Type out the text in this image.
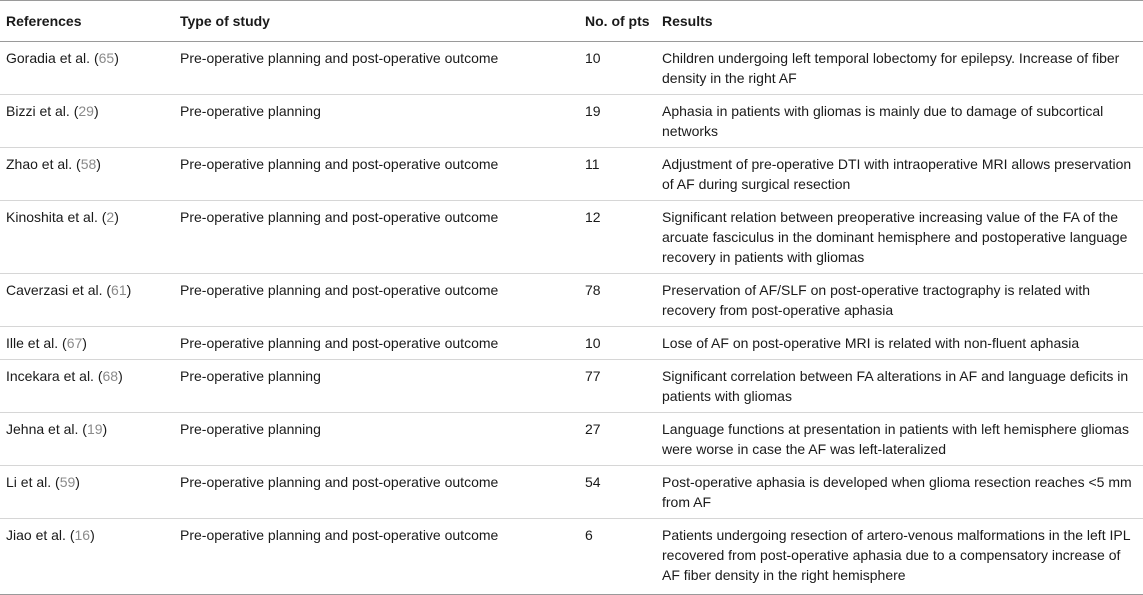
References	Type of study	No. of pts	Results
Goradia et al. (65)	Pre-operative planning and post-operative outcome	10	Children undergoing left temporal lobectomy for epilepsy. Increase of fiber density in the right AF
Bizzi et al. (29)	Pre-operative planning	19	Aphasia in patients with gliomas is mainly due to damage of subcortical networks
Zhao et al. (58)	Pre-operative planning and post-operative outcome	11	Adjustment of pre-operative DTI with intraoperative MRI allows preservation of AF during surgical resection
Kinoshita et al. (2)	Pre-operative planning and post-operative outcome	12	Significant relation between preoperative increasing value of the FA of the arcuate fasciculus in the dominant hemisphere and postoperative language recovery in patients with gliomas
Caverzasi et al. (61)	Pre-operative planning and post-operative outcome	78	Preservation of AF/SLF on post-operative tractography is related with recovery from post-operative aphasia
Ille et al. (67)	Pre-operative planning and post-operative outcome	10	Lose of AF on post-operative MRI is related with non-fluent aphasia
Incekara et al. (68)	Pre-operative planning	77	Significant correlation between FA alterations in AF and language deficits in patients with gliomas
Jehna et al. (19)	Pre-operative planning	27	Language functions at presentation in patients with left hemisphere gliomas were worse in case the AF was left-lateralized
Li et al. (59)	Pre-operative planning and post-operative outcome	54	Post-operative aphasia is developed when glioma resection reaches <5 mm from AF
Jiao et al. (16)	Pre-operative planning and post-operative outcome	6	Patients undergoing resection of artero-venous malformations in the left IPL recovered from post-operative aphasia due to a compensatory increase of AF fiber density in the right hemisphere
